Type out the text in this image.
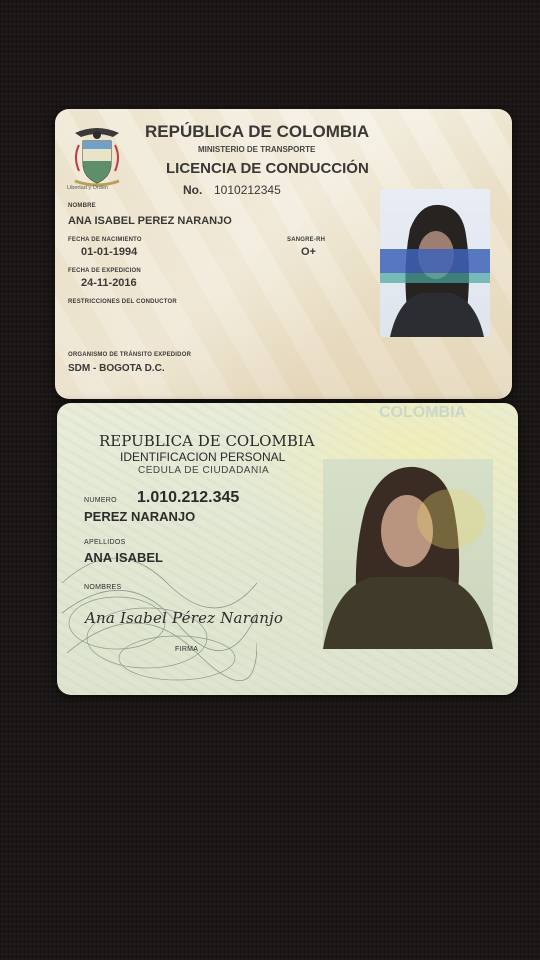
Libertad y Orden
REPÚBLICA DE COLOMBIA
MINISTERIO DE TRANSPORTE
LICENCIA DE CONDUCCIÓN
No. 1010212345
NOMBRE
ANA ISABEL PEREZ NARANJO
FECHA DE NACIMIENTO
01-01-1994
SANGRE-RH
O+
FECHA DE EXPEDICION
24-11-2016
RESTRICCIONES DEL CONDUCTOR
ORGANISMO DE TRÁNSITO EXPEDIDOR
SDM - BOGOTA D.C.
COLOMBIA
REPUBLICA DE COLOMBIA
IDENTIFICACION PERSONAL
CEDULA DE CIUDADANIA
NUMERO 1.010.212.345
PEREZ NARANJO
APELLIDOS
ANA ISABEL
NOMBRES
Ana Isabel Pérez Naranjo
FIRMA
